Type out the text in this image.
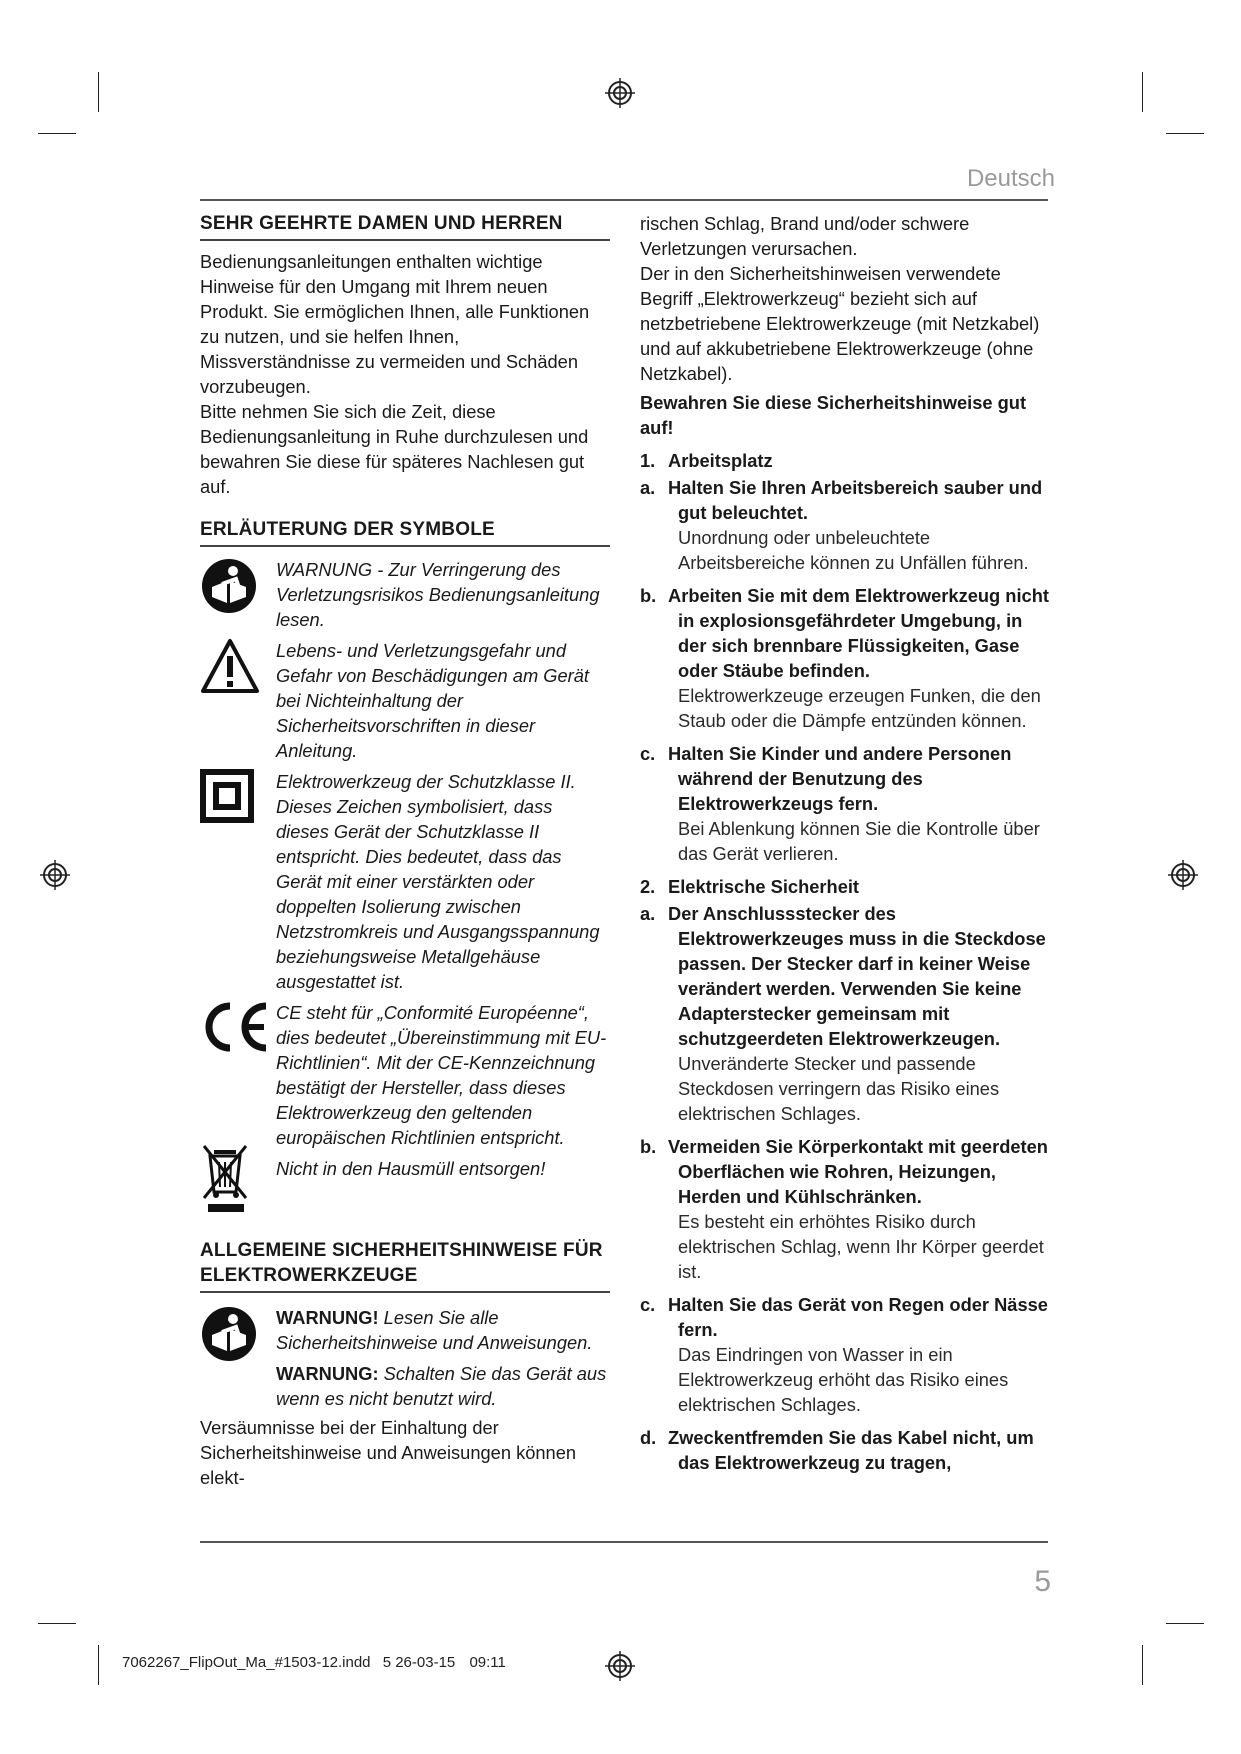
Deutsch
SEHR GEEHRTE DAMEN UND HERREN

Bedienungsanleitungen enthalten wichtige Hinweise für den Umgang mit Ihrem neuen Produkt. Sie ermöglichen Ihnen, alle Funktionen zu nutzen, und sie helfen Ihnen, Missverständnisse zu vermeiden und Schäden vorzubeugen.

Bitte nehmen Sie sich die Zeit, diese Bedienungsanleitung in Ruhe durchzulesen und bewahren Sie diese für späteres Nachlesen gut auf.

ERLÄUTERUNG DER SYMBOLE
WARNUNG - Zur Verringerung des Verletzungsrisikos Bedienungsanleitung lesen.
Lebens- und Verletzungsgefahr und Gefahr von Beschädigungen am Gerät bei Nichteinhaltung der Sicherheitsvorschriften in dieser Anleitung.
Elektrowerkzeug der Schutzklasse II. Dieses Zeichen symbolisiert, dass dieses Gerät der Schutzklasse II entspricht. Dies bedeutet, dass das Gerät mit einer verstärkten oder doppelten Isolierung zwischen Netzstromkreis und Ausgangsspannung beziehungsweise Metallgehäuse ausgestattet ist.
CE steht für „Conformité Européenne“, dies bedeutet „Übereinstimmung mit EU-Richtlinien“. Mit der CE-Kennzeichnung bestätigt der Hersteller, dass dieses Elektrowerkzeug den geltenden europäischen Richtlinien entspricht.
Nicht in den Hausmüll entsorgen!
ALLGEMEINE SICHERHEITSHINWEISE FÜR ELEKTROWERKZEUGE
WARNUNG! Lesen Sie alle Sicherheitshinweise und Anweisungen.
WARNUNG: Schalten Sie das Gerät aus wenn es nicht benutzt wird.

Versäumnisse bei der Einhaltung der Sicherheitshinweise und Anweisungen können elekt-

rischen Schlag, Brand und/oder schwere Verletzungen verursachen.

Der in den Sicherheitshinweisen verwendete Begriff „Elektrowerkzeug“ bezieht sich auf netzbetriebene Elektrowerkzeuge (mit Netzkabel) und auf akkubetriebene Elektrowerkzeuge (ohne Netzkabel).

Bewahren Sie diese Sicherheitshinweise gut auf!

1. Arbeitsplatz
a. Halten Sie Ihren Arbeitsbereich sauber und gut beleuchtet.
Unordnung oder unbeleuchtete Arbeitsbereiche können zu Unfällen führen.
b. Arbeiten Sie mit dem Elektrowerkzeug nicht in explosionsgefährdeter Umgebung, in der sich brennbare Flüssigkeiten, Gase oder Stäube befinden.
Elektrowerkzeuge erzeugen Funken, die den Staub oder die Dämpfe entzünden können.
c. Halten Sie Kinder und andere Personen während der Benutzung des Elektrowerkzeugs fern.
Bei Ablenkung können Sie die Kontrolle über das Gerät verlieren.
2. Elektrische Sicherheit
a. Der Anschlussstecker des Elektrowerkzeuges muss in die Steckdose passen. Der Stecker darf in keiner Weise verändert werden. Verwenden Sie keine Adapterstecker gemeinsam mit schutzgeerdeten Elektrowerkzeugen.
Unveränderte Stecker und passende Steckdosen verringern das Risiko eines elektrischen Schlages.
b. Vermeiden Sie Körperkontakt mit geerdeten Oberflächen wie Rohren, Heizungen, Herden und Kühlschränken.
Es besteht ein erhöhtes Risiko durch elektrischen Schlag, wenn Ihr Körper geerdet ist.
c. Halten Sie das Gerät von Regen oder Nässe fern.
Das Eindringen von Wasser in ein Elektrowerkzeug erhöht das Risiko eines elektrischen Schlages.
d. Zweckentfremden Sie das Kabel nicht, um das Elektrowerkzeug zu tragen,
5
7062267_FlipOut_Ma_#1503-12.indd 5 26-03-15 09:11
